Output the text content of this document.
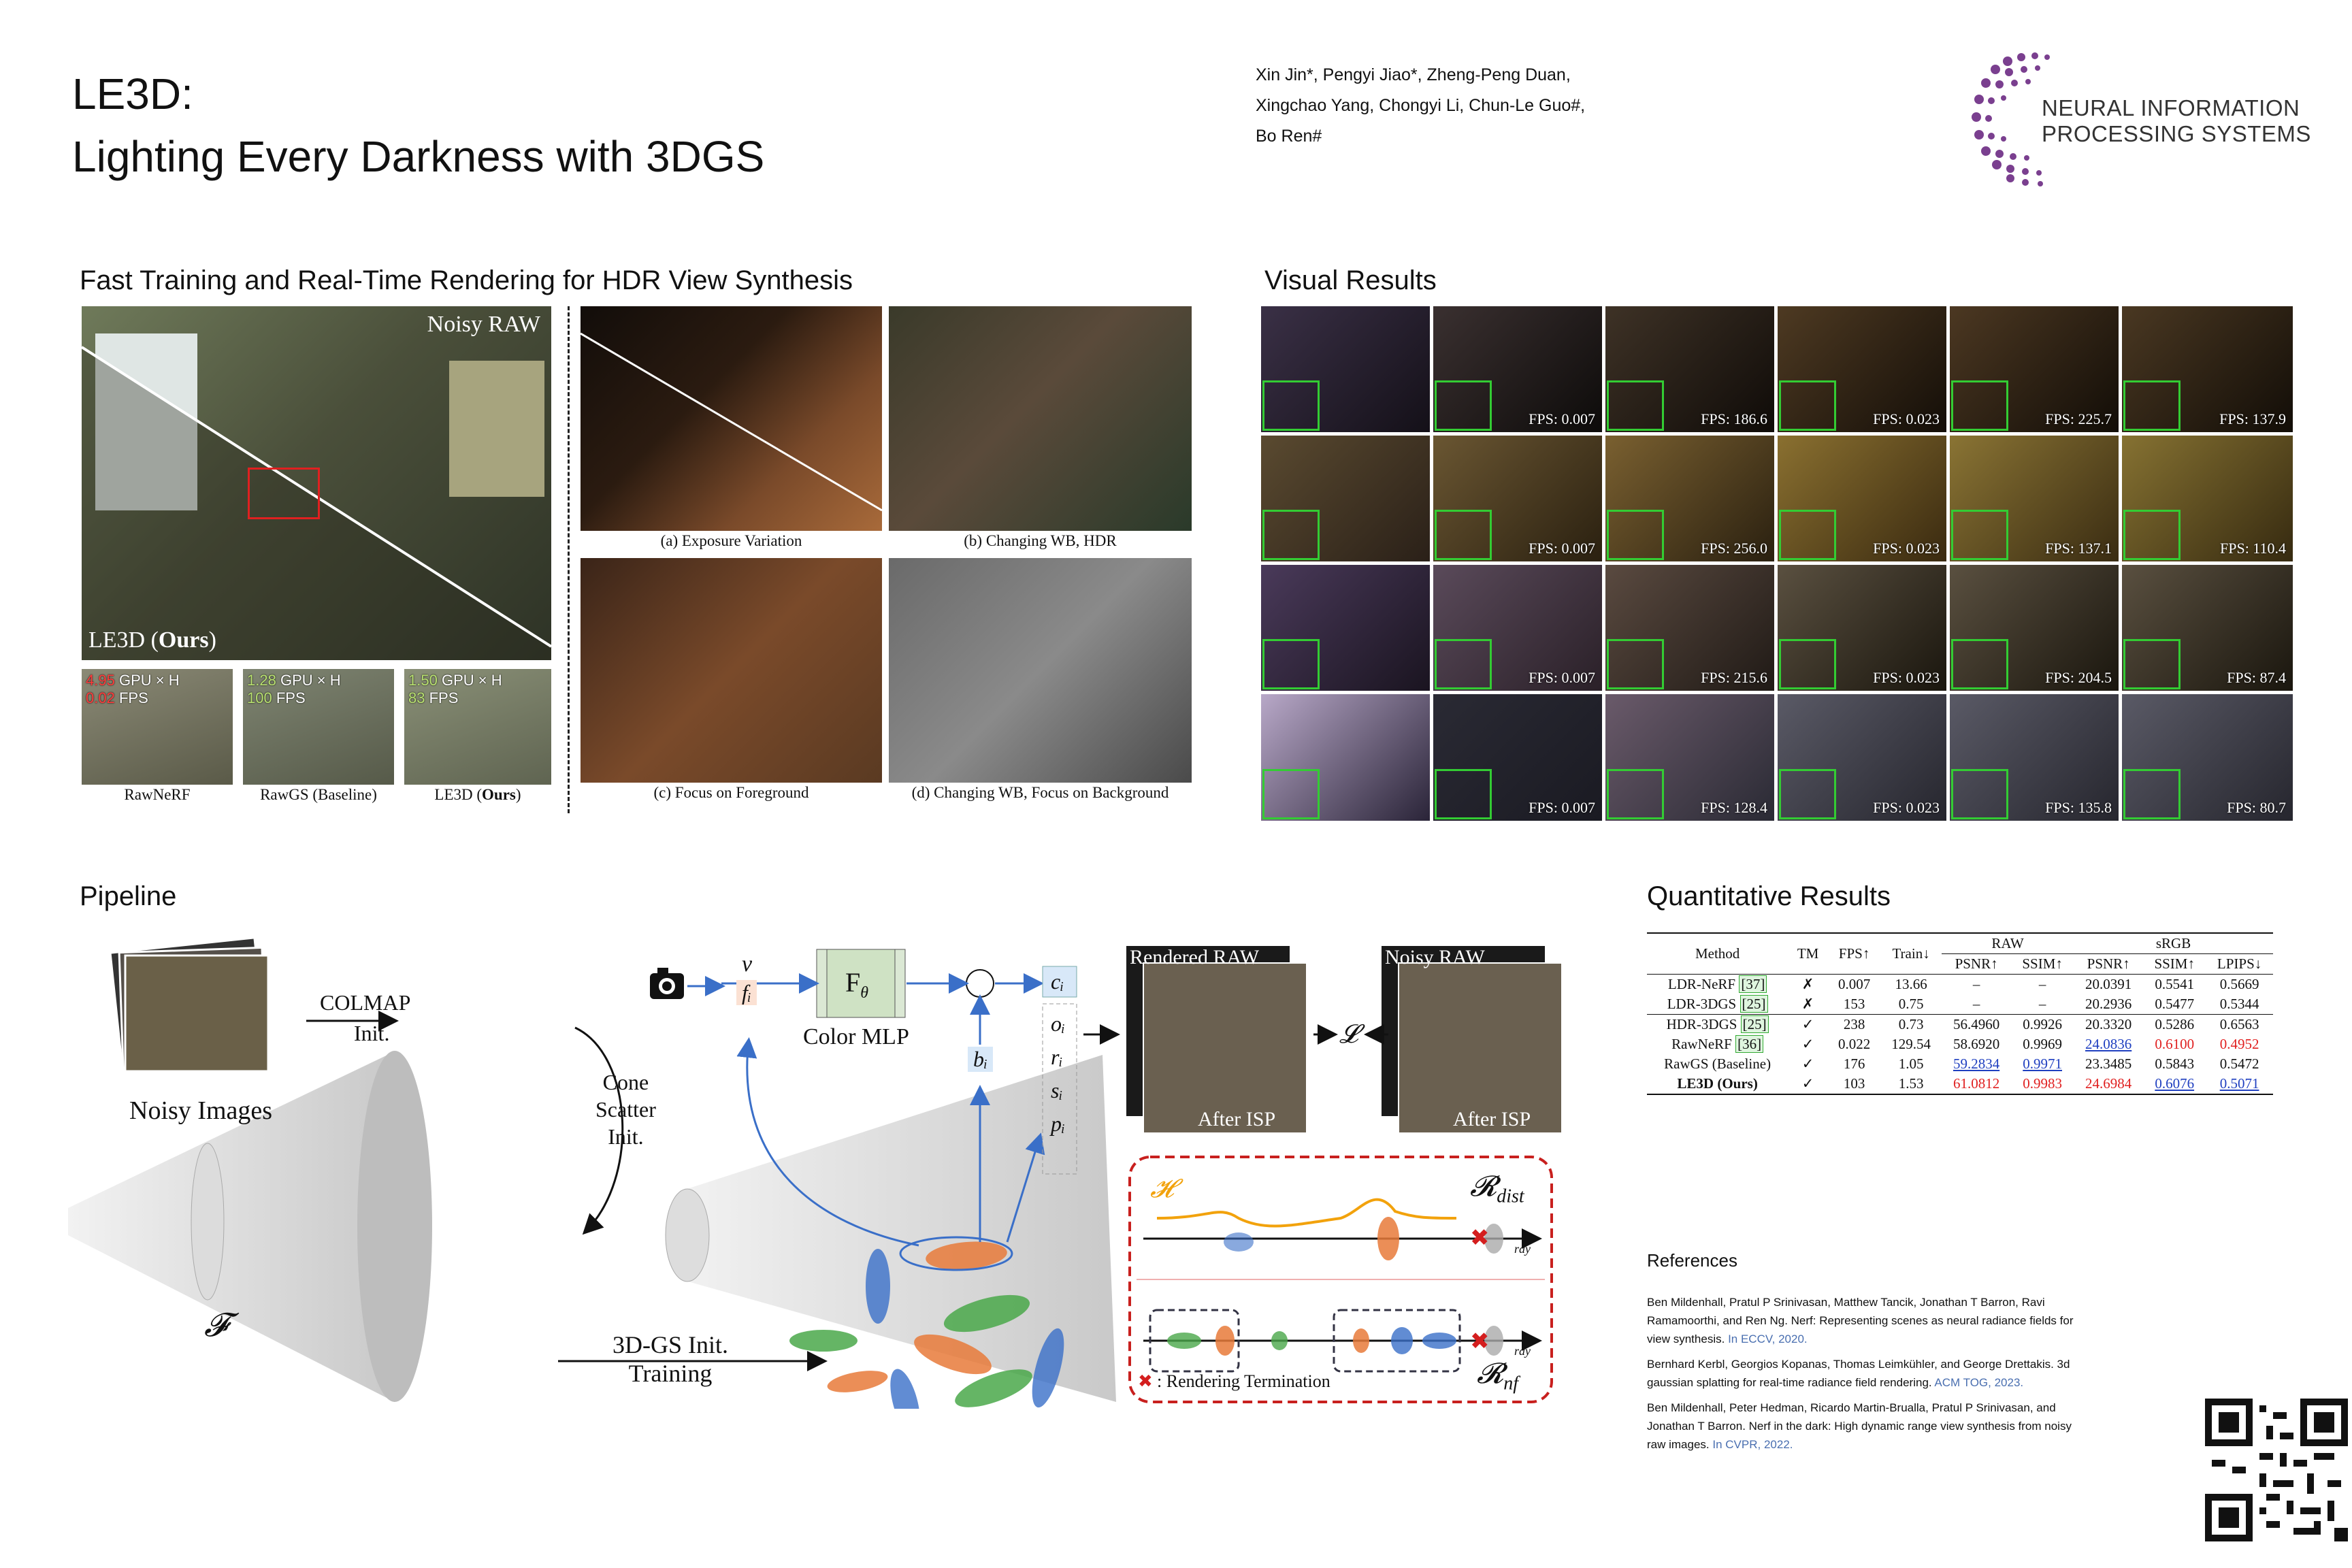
LE3D:
Lighting Every Darkness with 3DGS
Xin Jin*, Pengyi Jiao*, Zheng-Peng Duan,
Xingchao Yang, Chongyi Li, Chun-Le Guo#,
Bo Ren#
NEURAL INFORMATION
PROCESSING SYSTEMS
Fast Training and Real-Time Rendering for HDR View Synthesis
Noisy RAW
LE3D (Ours)
4.95 GPU × H
0.02 FPS
1.28 GPU × H
100 FPS
1.50 GPU × H
83 FPS
RawNeRF	RawGS (Baseline)	LE3D (Ours)
(a) Exposure Variation	(b) Changing WB, HDR
(c) Focus on Foreground	(d) Changing WB, Focus on Background
Visual Results
FPS: 0.007	FPS: 186.6	FPS: 0.023	FPS: 225.7	FPS: 137.9
FPS: 0.007	FPS: 256.0	FPS: 0.023	FPS: 137.1	FPS: 110.4
FPS: 0.007	FPS: 215.6	FPS: 0.023	FPS: 204.5	FPS: 87.4
FPS: 0.007	FPS: 128.4	FPS: 0.023	FPS: 135.8	FPS: 80.7
Pipeline
✖
✖
✖
Noisy Images
COLMAP
Init.
Cone
Scatter
Init.
𝓕
3D-GS Init.
Training
v
fᵢ	$F_\theta$
Color MLP
bᵢ
cᵢ
oᵢ
rᵢ
sᵢ
pᵢ
Rendered RAW	Noisy RAW
After ISP	After ISP
𝓛
𝓗	𝓡$_{dist}$
ray
𝓡$_{nf}$
ray
: Rendering Termination
Quantitative Results
Method	TM	FPS↑	Train↓	RAW		sRGB		
				PSNR↑	SSIM↑	PSNR↑	SSIM↑	LPIPS↓
LDR-NeRF [37]	✗	0.007	13.66	–	–	20.0391	0.5541	0.5669
LDR-3DGS [25]	✗	153	0.75	–	–	20.2936	0.5477	0.5344
HDR-3DGS [25]	✓	238	0.73	56.4960	0.9926	20.3320	0.5286	0.6563
RawNeRF [36]	✓	0.022	129.54	58.6920	0.9969	24.0836	0.6100	0.4952
RawGS (Baseline)	✓	176	1.05	59.2834	0.9971	23.3485	0.5843	0.5472
LE3D (Ours)	✓	103	1.53	61.0812	0.9983	24.6984	0.6076	0.5071
References
Ben Mildenhall, Pratul P Srinivasan, Matthew Tancik, Jonathan T Barron, Ravi Ramamoorthi, and Ren Ng. Nerf: Representing scenes as neural radiance fields for view synthesis. In ECCV, 2020.
Bernhard Kerbl, Georgios Kopanas, Thomas Leimkühler, and George Drettakis. 3d gaussian splatting for real-time radiance field rendering. ACM TOG, 2023.
Ben Mildenhall, Peter Hedman, Ricardo Martin-Brualla, Pratul P Srinivasan, and Jonathan T Barron. Nerf in the dark: High dynamic range view synthesis from noisy raw images. In CVPR, 2022.
